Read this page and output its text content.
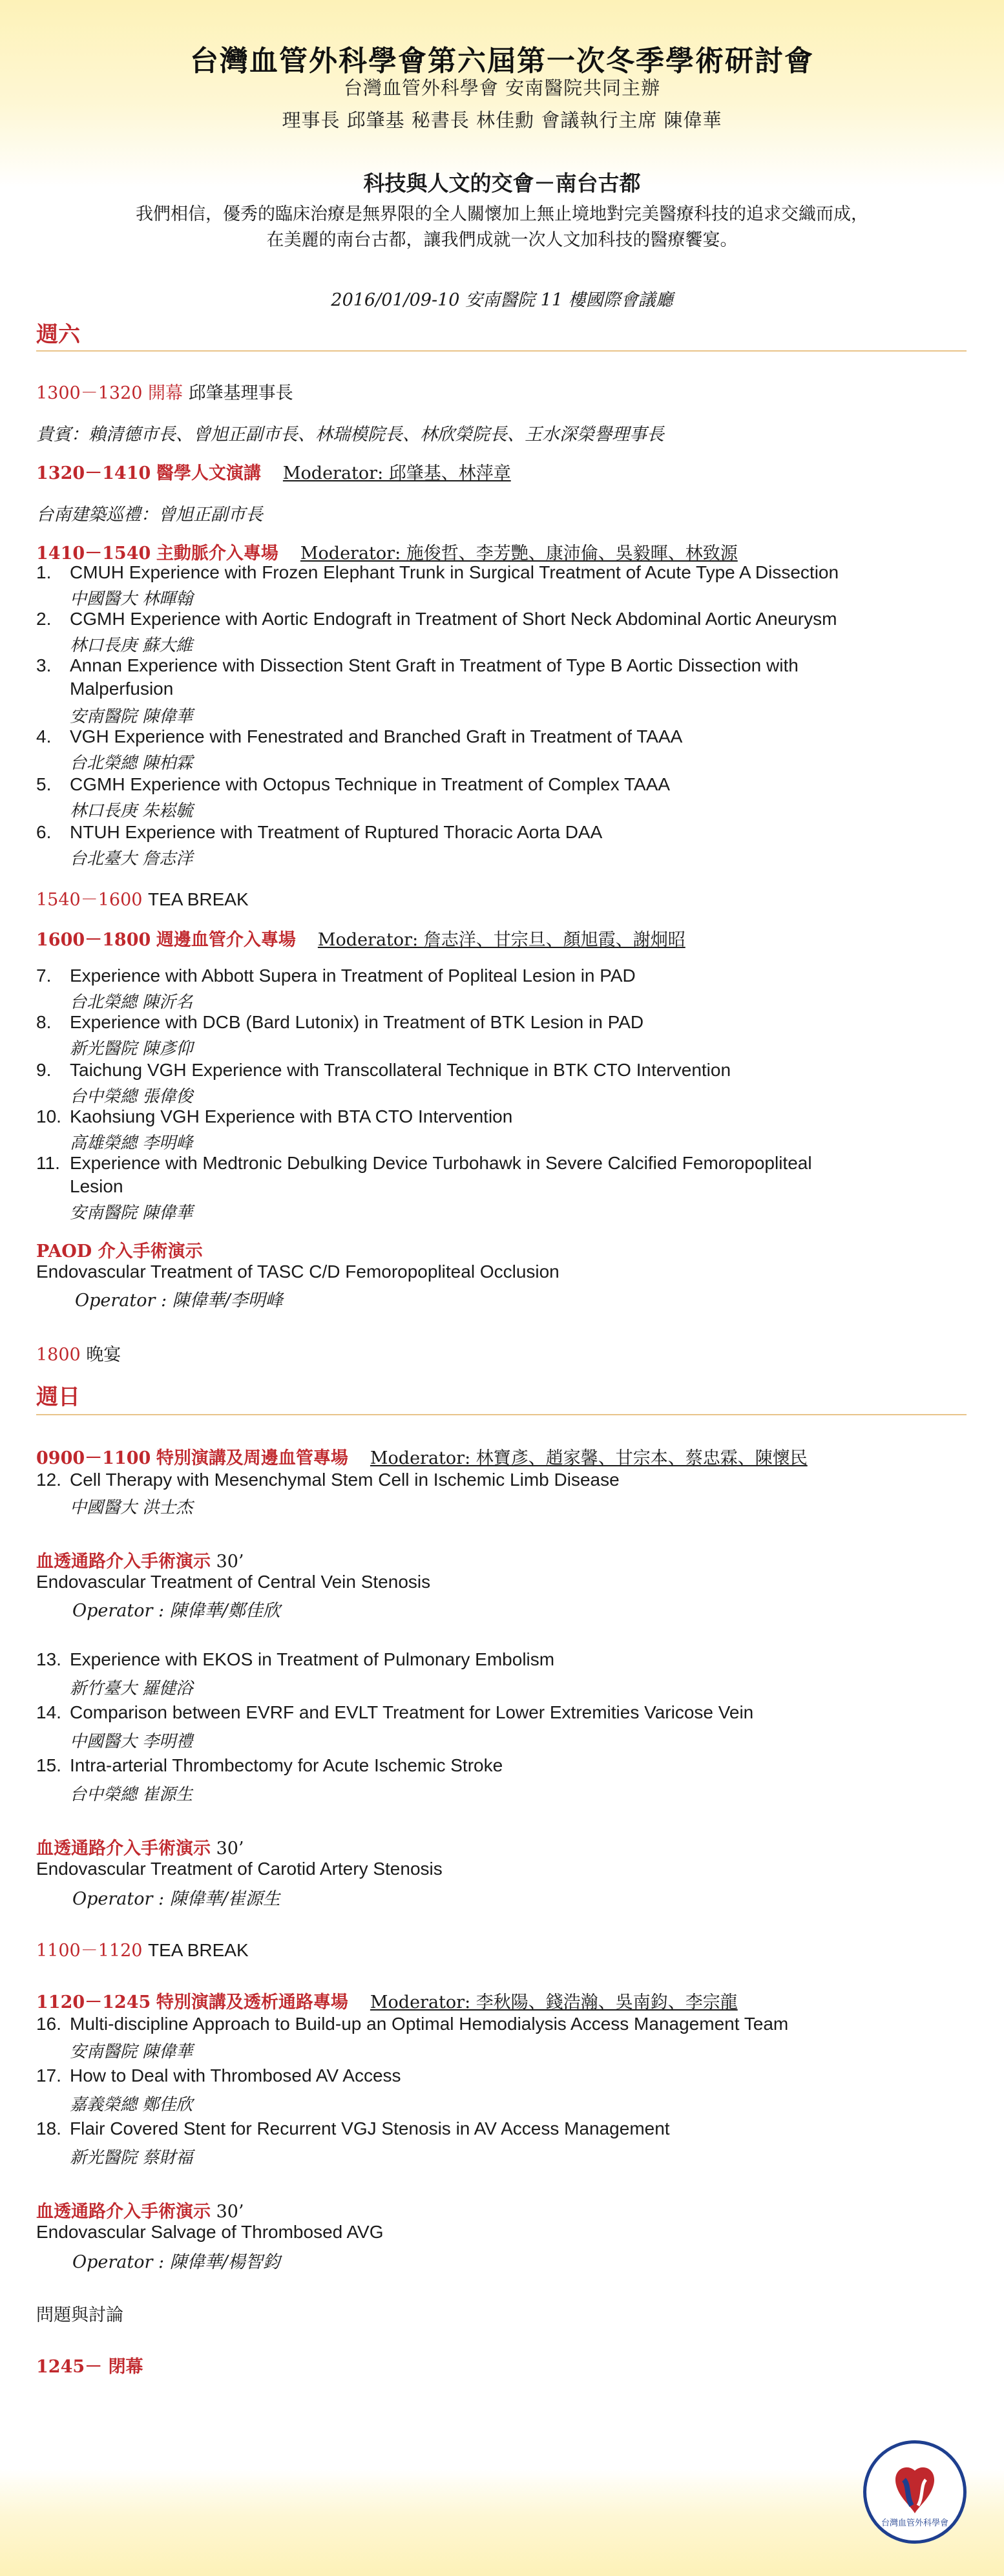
台灣血管外科學會第六屆第一次冬季學術研討會
台灣血管外科學會 安南醫院共同主辦
理事長 邱肇基 秘書長 林佳勳 會議執行主席 陳偉華
科技與人文的交會－南台古都
我們相信，優秀的臨床治療是無界限的全人關懷加上無止境地對完美醫療科技的追求交織而成，
在美麗的南台古都，讓我們成就一次人文加科技的醫療饗宴。
2016/01/09-10 安南醫院 11 樓國際會議廳
週六
1300－1320 開幕 邱肇基理事長
貴賓：賴清德市長、曾旭正副市長、林瑞模院長、林欣榮院長、王水深榮譽理事長
1320－1410 醫學人文演講 Moderator: 邱肇基、林萍章
台南建築巡禮：曾旭正副市長
1410－1540 主動脈介入專場 Moderator: 施俊哲、李芳艷、康沛倫、吳毅暉、林致源
1. CMUH Experience with Frozen Elephant Trunk in Surgical Treatment of Acute Type A Dissection
中國醫大 林暉翰
2. CGMH Experience with Aortic Endograft in Treatment of Short Neck Abdominal Aortic Aneurysm
林口長庚 蘇大維
3. Annan Experience with Dissection Stent Graft in Treatment of Type B Aortic Dissection with
Malperfusion
安南醫院 陳偉華
4. VGH Experience with Fenestrated and Branched Graft in Treatment of TAAA
台北榮總 陳柏霖
5. CGMH Experience with Octopus Technique in Treatment of Complex TAAA
林口長庚 朱崧毓
6. NTUH Experience with Treatment of Ruptured Thoracic Aorta DAA
台北臺大 詹志洋
1540－1600 TEA BREAK
1600－1800 週邊血管介入專場 Moderator: 詹志洋、甘宗旦、顏旭霞、謝炯昭
7. Experience with Abbott Supera in Treatment of Popliteal Lesion in PAD
台北榮總 陳沂名
8. Experience with DCB (Bard Lutonix) in Treatment of BTK Lesion in PAD
新光醫院 陳彥仰
9. Taichung VGH Experience with Transcollateral Technique in BTK CTO Intervention
台中榮總 張偉俊
10. Kaohsiung VGH Experience with BTA CTO Intervention
高雄榮總 李明峰
11. Experience with Medtronic Debulking Device Turbohawk in Severe Calcified Femoropopliteal
Lesion
安南醫院 陳偉華
PAOD 介入手術演示
Endovascular Treatment of TASC C/D Femoropopliteal Occlusion
Operator : 陳偉華/李明峰
1800 晚宴
週日
0900－1100 特別演講及周邊血管專場 Moderator: 林寶彥、趙家馨、甘宗本、蔡忠霖、陳懷民
12. Cell Therapy with Mesenchymal Stem Cell in Ischemic Limb Disease
中國醫大 洪士杰
血透通路介入手術演示 30’
Endovascular Treatment of Central Vein Stenosis
Operator : 陳偉華/鄭佳欣
13. Experience with EKOS in Treatment of Pulmonary Embolism
新竹臺大 羅健浴
14. Comparison between EVRF and EVLT Treatment for Lower Extremities Varicose Vein
中國醫大 李明禮
15. Intra-arterial Thrombectomy for Acute Ischemic Stroke
台中榮總 崔源生
血透通路介入手術演示 30’
Endovascular Treatment of Carotid Artery Stenosis
Operator : 陳偉華/崔源生
1100－1120 TEA BREAK
1120－1245 特別演講及透析通路專場 Moderator: 李秋陽、錢浩瀚、吳南鈞、李宗龍
16. Multi-discipline Approach to Build-up an Optimal Hemodialysis Access Management Team
安南醫院 陳偉華
17. How to Deal with Thrombosed AV Access
嘉義榮總 鄭佳欣
18. Flair Covered Stent for Recurrent VGJ Stenosis in AV Access Management
新光醫院 蔡財福
血透通路介入手術演示 30’
Endovascular Salvage of Thrombosed AVG
Operator : 陳偉華/楊智鈞
問題與討論
1245－ 閉幕
台灣血管外科學會
